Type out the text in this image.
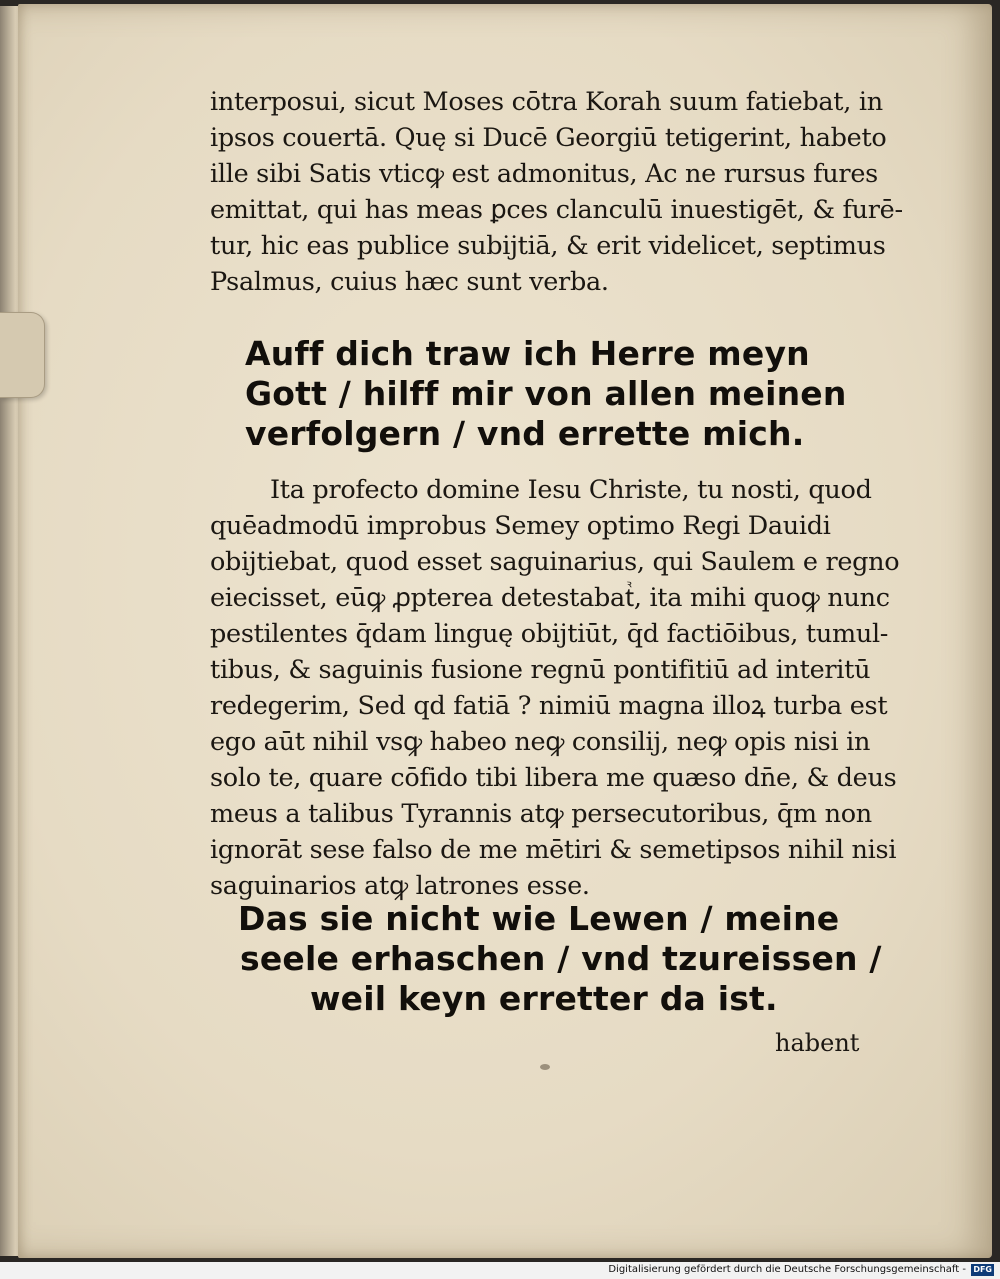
interposui, sicut Moses cōtra Korah suum fatiebat, in
ipsos couertā. Quę si Ducē Georgiū tetigerint, habeto
ille sibi Satis vticꝙ est admonitus, Ac ne rursus fures
emittat, qui has meas ꝑces clanculū inuestigēt, & furē-
tur, hic eas publice subijtiā, & erit videlicet, septimus
Psalmus, cuius hæc sunt verba.
Auff dich traw ich Herre meyn
Gott / hilff mir von allen meinen
verfolgern / vnd errette mich.
Ita profecto domine Iesu Christe, tu nosti, quod
quēadmodū improbus Semey optimo Regi Dauidi
obijtiebat, quod esset saguinarius, qui Saulem e regno
eiecisset, eūꝙ ꝓpterea detestabatᷣ, ita mihi quoꝙ nunc
pestilentes q̄dam linguę obijtiūt, q̄d factiōibus, tumul-
tibus, & saguinis fusione regnū pontifitiū ad interitū
redegerim, Sed qd fatiā ? nimiū magna illoꝝ turba est
ego aūt nihil vsꝙ habeo neꝙ consilij, neꝙ opis nisi in
solo te, quare cōfido tibi libera me quæso dn̄e, & deus
meus a talibus Tyrannis atꝙ persecutoribus, q̄m non
ignorāt sese falso de me mētiri & semetipsos nihil nisi
saguinarios atꝙ latrones esse.
Das sie nicht wie Lewen / meine
seele erhaschen / vnd tzureissen /
weil keyn erretter da ist.
habent
Digitalisierung gefördert durch die Deutsche Forschungsgemeinschaft - DFG
